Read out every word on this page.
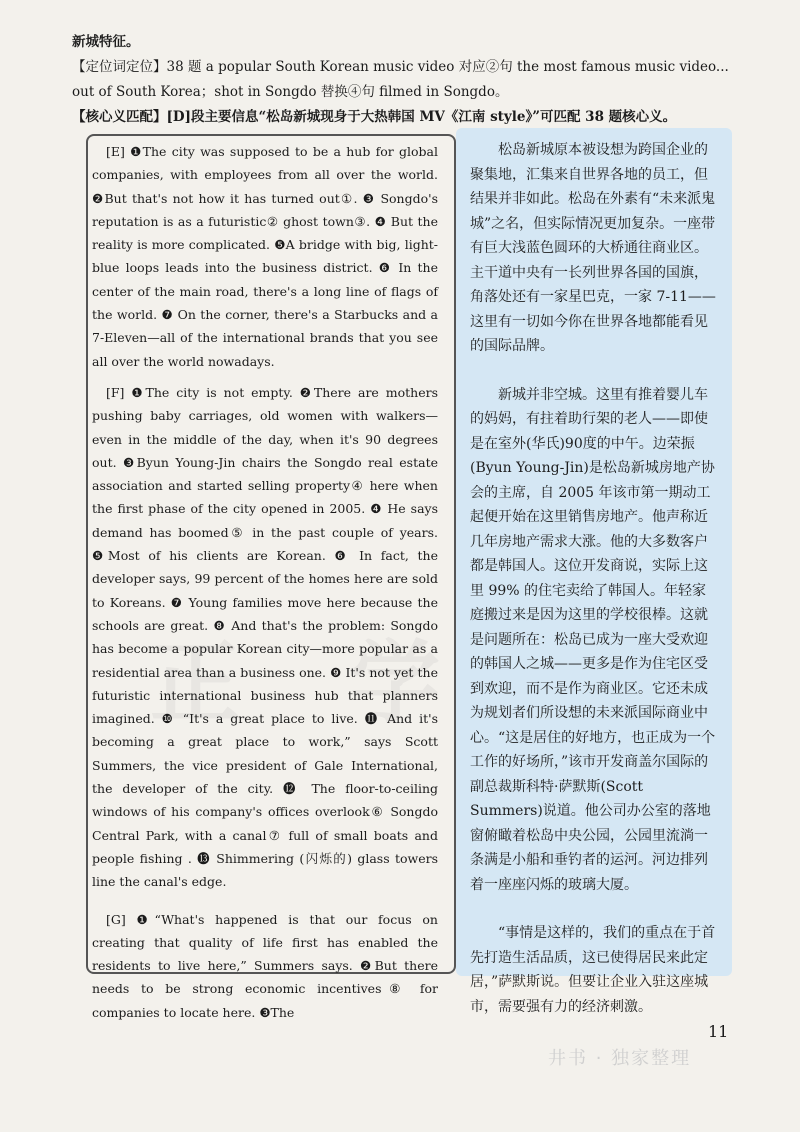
正 学

新城特征。

【定位词定位】38 题 a popular South Korean music video 对应②句 the most famous music video...

out of South Korea；shot in Songdo 替换④句 filmed in Songdo。

【核心义匹配】[D]段主要信息“松岛新城现身于大热韩国 MV《江南 style》”可匹配 38 题核心义。

[E] ❶The city was supposed to be a hub for global companies, with employees from all over the world. ❷But that's not how it has turned out①. ❸ Songdo's reputation is as a futuristic② ghost town③. ❹ But the reality is more complicated. ❺A bridge with big, light-blue loops leads into the business district. ❻ In the center of the main road, there's a long line of flags of the world. ❼ On the corner, there's a Starbucks and a 7-Eleven—all of the international brands that you see all over the world nowadays.

[F] ❶The city is not empty. ❷There are mothers pushing baby carriages, old women with walkers—even in the middle of the day, when it's 90 degrees out. ❸Byun Young-Jin chairs the Songdo real estate association and started selling property④ here when the first phase of the city opened in 2005. ❹ He says demand has boomed⑤ in the past couple of years. ❺Most of his clients are Korean. ❻ In fact, the developer says, 99 percent of the homes here are sold to Koreans. ❼ Young families move here because the schools are great. ❽ And that's the problem: Songdo has become a popular Korean city—more popular as a residential area than a business one. ❾ It's not yet the futuristic international business hub that planners imagined. ❿ “It's a great place to live. ⓫ And it's becoming a great place to work,” says Scott Summers, the vice president of Gale International, the developer of the city. ⓬ The floor-to-ceiling windows of his company's offices overlook⑥ Songdo Central Park, with a canal⑦ full of small boats and people fishing . ⓭ Shimmering (闪烁的) glass towers line the canal's edge.

[G] ❶“What's happened is that our focus on creating that quality of life first has enabled the residents to live here,” Summers says. ❷But there needs to be strong economic incentives⑧ for companies to locate here. ❸The

松岛新城原本被设想为跨国企业的聚集地，汇集来自世界各地的员工，但结果并非如此。松岛在外素有“未来派鬼城”之名，但实际情况更加复杂。一座带有巨大浅蓝色圆环的大桥通往商业区。主干道中央有一长列世界各国的国旗，角落处还有一家星巴克，一家 7-11——这里有一切如今你在世界各地都能看见的国际品牌。

新城并非空城。这里有推着婴儿车的妈妈，有拄着助行架的老人——即使是在室外(华氏)90度的中午。边荣振(Byun Young-Jin)是松岛新城房地产协会的主席，自 2005 年该市第一期动工起便开始在这里销售房地产。他声称近几年房地产需求大涨。他的大多数客户都是韩国人。这位开发商说，实际上这里 99% 的住宅卖给了韩国人。年轻家庭搬过来是因为这里的学校很棒。这就是问题所在：松岛已成为一座大受欢迎的韩国人之城——更多是作为住宅区受到欢迎，而不是作为商业区。它还未成为规划者们所设想的未来派国际商业中心。“这是居住的好地方，也正成为一个工作的好场所，”该市开发商盖尔国际的副总裁斯科特·萨默斯(Scott Summers)说道。他公司办公室的落地窗俯瞰着松岛中央公园，公园里流淌一条满是小船和垂钓者的运河。河边排列着一座座闪烁的玻璃大厦。

“事情是这样的，我们的重点在于首先打造生活品质，这已使得居民来此定居，”萨默斯说。但要让企业入驻这座城市，需要强有力的经济刺激。

11
井书 · 独家整理
